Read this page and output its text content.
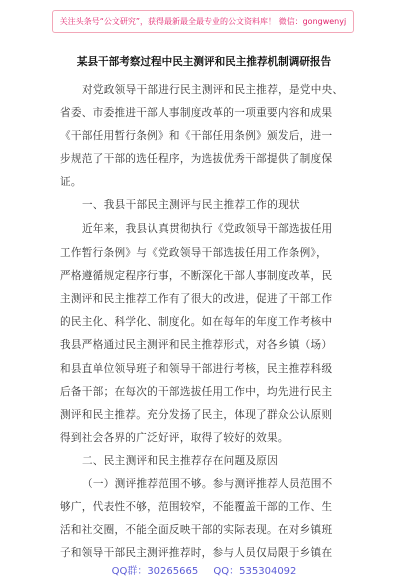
关注头条号“公文研究”，获得最新最全最专业的公文资料库！ 微信：gongwenyj
某县干部考察过程中民主测评和民主推荐机制调研报告
对党政领导干部进行民主测评和民主推荐，是党中央、
省委、市委推进干部人事制度改革的一项重要内容和成果
《干部任用暂行条例》和《干部任用条例》颁发后，进一
步规范了干部的选任程序，为选拔优秀干部提供了制度保
证。
一、我县干部民主测评与民主推荐工作的现状
近年来，我县认真贯彻执行《党政领导干部选拔任用
工作暂行条例》与《党政领导干部选拔任用工作条例》，
严格遵循规定程序行事，不断深化干部人事制度改革，民
主测评和民主推荐工作有了很大的改进，促进了干部工作
的民主化、科学化、制度化。如在每年的年度工作考核中
我县严格通过民主测评和民主推荐形式，对各乡镇（场）
和县直单位领导班子和领导干部进行考核，民主推荐科级
后备干部；在每次的干部选拔任用工作中，均先进行民主
测评和民主推荐。充分发扬了民主，体现了群众公认原则
得到社会各界的广泛好评，取得了较好的效果。
二、民主测评和民主推荐存在问题及原因
（一）测评推荐范围不够。参与测评推荐人员范围不
够广，代表性不够，范围较窄，不能覆盖干部的工作、生
活和社交圈，不能全面反映干部的实际表现。在对乡镇班
子和领导干部民主测评推荐时，参与人员仅局限于乡镇在
QQ群：30265665 QQ：535304092
